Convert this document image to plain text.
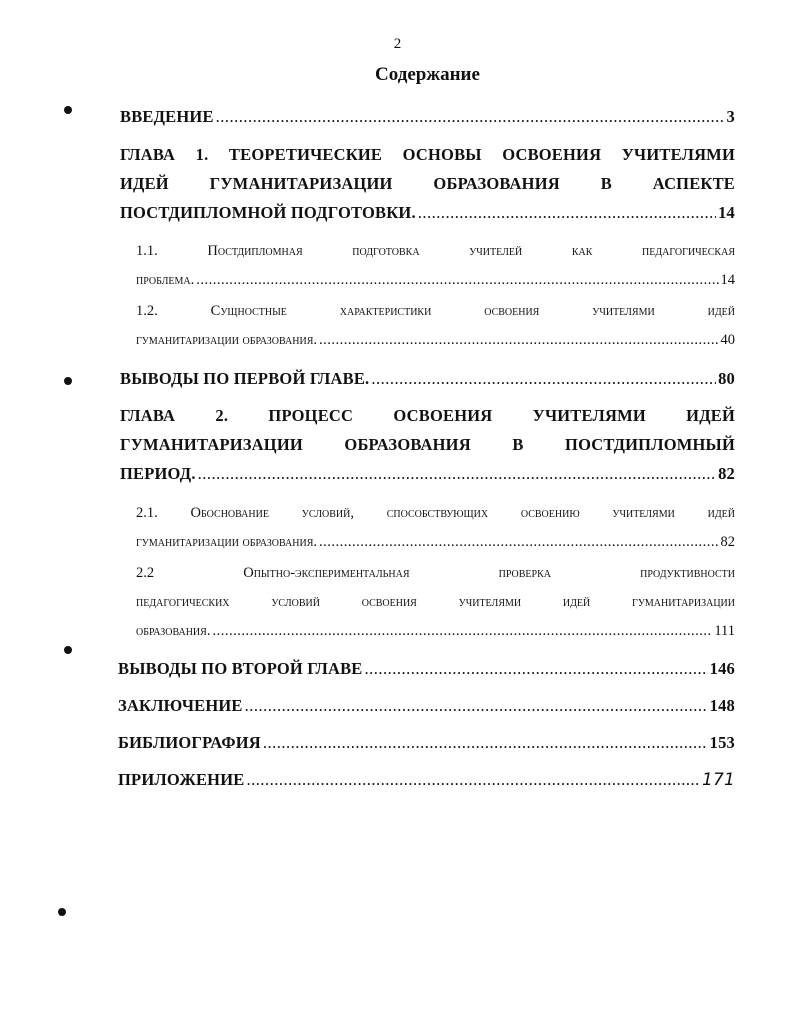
2
Содержание
ВВЕДЕНИЕ .....	3
ГЛАВА 1. ТЕОРЕТИЧЕСКИЕ ОСНОВЫ ОСВОЕНИЯ УЧИТЕЛЯМИ
ИДЕЙ ГУМАНИТАРИЗАЦИИ ОБРАЗОВАНИЯ В АСПЕКТЕ
ПОСТДИПЛОМНОЙ ПОДГОТОВКИ. .....	14
1.1. Постдипломная подготовка учителей как педагогическая
проблема. .....	14
1.2. Сущностные характеристики освоения учителями идей
гуманитаризации образования. .....	40
ВЫВОДЫ ПО ПЕРВОЙ ГЛАВЕ. .....	80
ГЛАВА 2. ПРОЦЕСС ОСВОЕНИЯ УЧИТЕЛЯМИ ИДЕЙ
ГУМАНИТАРИЗАЦИИ ОБРАЗОВАНИЯ В ПОСТДИПЛОМНЫЙ
ПЕРИОД. .....	82
2.1. Обоснование условий, способствующих освоению учителями идей
гуманитаризации образования. .....	82
2.2 Опытно-экспериментальная проверка продуктивности
педагогических условий освоения учителями идей гуманитаризации
образования. .....	111
ВЫВОДЫ ПО ВТОРОЙ ГЛАВЕ .....	146
ЗАКЛЮЧЕНИЕ .....	148
БИБЛИОГРАФИЯ .....	153
ПРИЛОЖЕНИЕ .....	171
